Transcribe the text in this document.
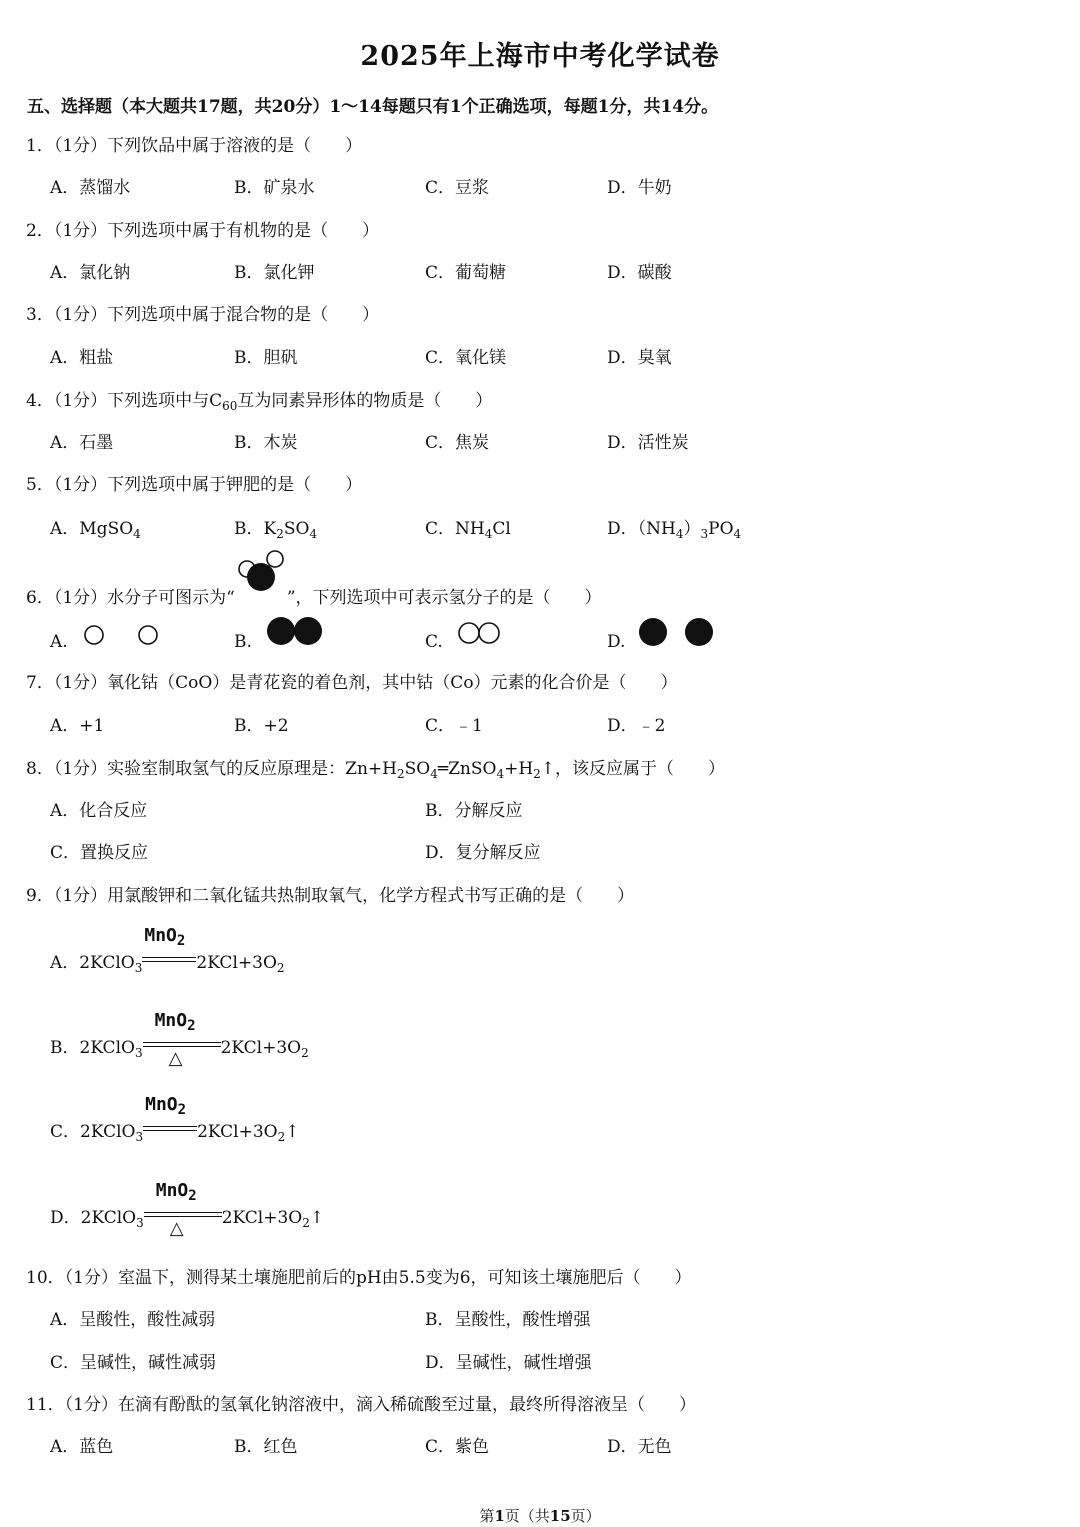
2025年上海市中考化学试卷
五、选择题（本大题共17题，共20分）1～14每题只有1个正确选项，每题1分，共14分。
1．（1分）下列饮品中属于溶液的是（　　）
A．蒸馏水	B．矿泉水	C．豆浆	D．牛奶
2．（1分）下列选项中属于有机物的是（　　）
A．氯化钠	B．氯化钾	C．葡萄糖	D．碳酸
3．（1分）下列选项中属于混合物的是（　　）
A．粗盐	B．胆矾	C．氧化镁	D．臭氧
4．（1分）下列选项中与$C_{60}$互为同素异形体的物质是（　　）
A．石墨	B．木炭	C．焦炭	D．活性炭
5．（1分）下列选项中属于钾肥的是（　　）
A．MgSO$_4$	B．$K_2SO_4$	C．$NH_4Cl$	D．$(NH_4)_3PO_4$
6．（1分）水分子可图示为“	”，下列选项中可表示氢分子的是（　　）
A.	B.	C.	D.
7．（1分）氧化钴（CoO）是青花瓷的着色剂，其中钴（Co）元素的化合价是（　　）
A．+1	B．+2	C．﹣1	D．﹣2
8．（1分）实验室制取氢气的反应原理是：$Zn+H_2SO_4═ZnSO_4+H_2↑$，该反应属于（　　）
A．化合反应	B．分解反应
C．置换反应	D．复分解反应
9．（1分）用氯酸钾和二氧化锰共热制取氧气，化学方程式书写正确的是（　　）
A．2KClO$_3$
MnO$_2$
$2KCl+3O_2$
B．2KClO$_3$
MnO$_2$
△ $2KCl+3O_2$
C．2KClO$_3$
MnO$_2$
$2KCl+3O_2↑$
D．2KClO$_3$
MnO$_2$
△ $2KCl+3O_2↑$
10．（1分）室温下，测得某土壤施肥前后的pH由5.5变为6，可知该土壤施肥后（　　）
A．呈酸性，酸性减弱	B．呈酸性，酸性增强
C．呈碱性，碱性减弱	D．呈碱性，碱性增强
11．（1分）在滴有酚酞的氢氧化钠溶液中，滴入稀硫酸至过量，最终所得溶液呈（　　）
A．蓝色	B．红色	C．紫色	D．无色
第1页（共15页）
